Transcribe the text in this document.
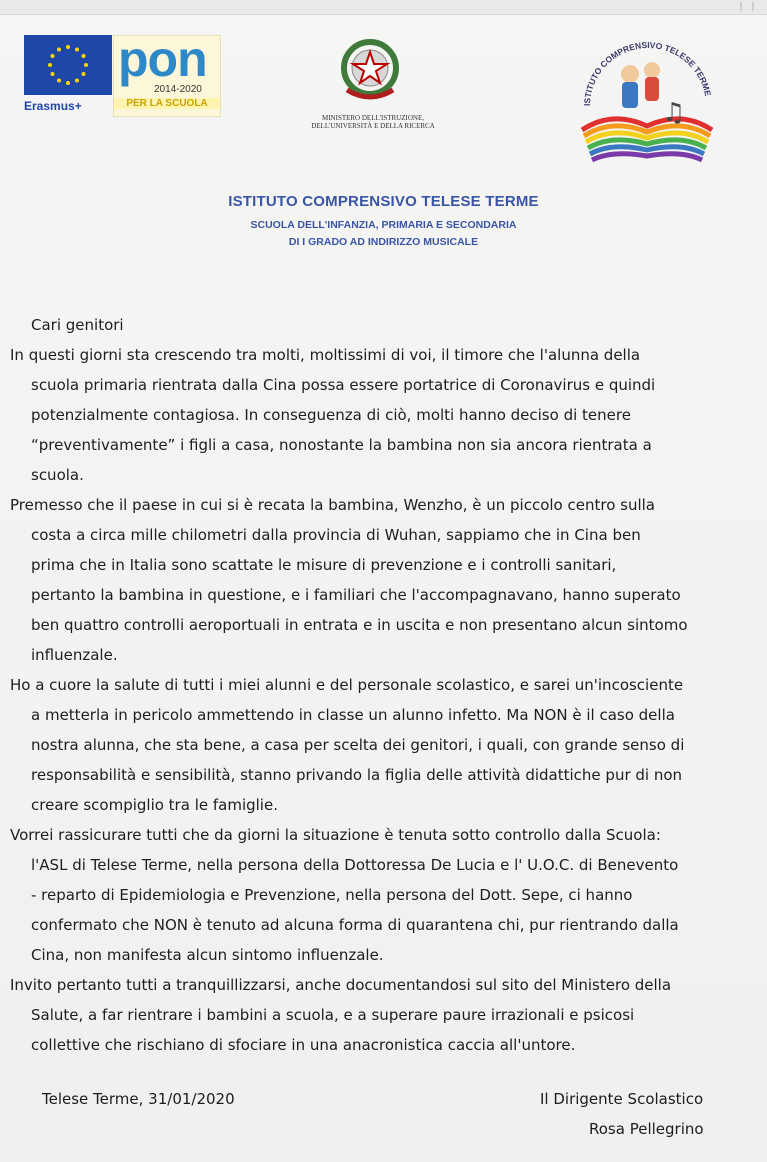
Erasmus+
pon
2014-2020
PER LA SCUOLA
MINISTERO DELL'ISTRUZIONE,
DELL'UNIVERSITÀ E DELLA RICERCA
ISTITUTO COMPRENSIVO TELESE TERME
♫
ISTITUTO COMPRENSIVO TELESE TERME
SCUOLA DELL'INFANZIA, PRIMARIA E SECONDARIA
DI I GRADO AD INDIRIZZO MUSICALE
Cari genitori
In questi giorni sta crescendo tra molti, moltissimi di voi, il timore che l'alunna della
scuola primaria rientrata dalla Cina possa essere portatrice di Coronavirus e quindi
potenzialmente contagiosa. In conseguenza di ciò, molti hanno deciso di tenere
“preventivamente” i figli a casa, nonostante la bambina non sia ancora rientrata a
scuola.
Premesso che il paese in cui si è recata la bambina, Wenzho, è un piccolo centro sulla
costa a circa mille chilometri dalla provincia di Wuhan, sappiamo che in Cina ben
prima che in Italia sono scattate le misure di prevenzione e i controlli sanitari,
pertanto la bambina in questione, e i familiari che l'accompagnavano, hanno superato
ben quattro controlli aeroportuali in entrata e in uscita e non presentano alcun sintomo
influenzale.
Ho a cuore la salute di tutti i miei alunni e del personale scolastico, e sarei un'incosciente
a metterla in pericolo ammettendo in classe un alunno infetto. Ma NON è il caso della
nostra alunna, che sta bene, a casa per scelta dei genitori, i quali, con grande senso di
responsabilità e sensibilità, stanno privando la figlia delle attività didattiche pur di non
creare scompiglio tra le famiglie.
Vorrei rassicurare tutti che da giorni la situazione è tenuta sotto controllo dalla Scuola:
l'ASL di Telese Terme, nella persona della Dottoressa De Lucia e l' U.O.C. di Benevento
- reparto di Epidemiologia e Prevenzione, nella persona del Dott. Sepe, ci hanno
confermato che NON è tenuto ad alcuna forma di quarantena chi, pur rientrando dalla
Cina, non manifesta alcun sintomo influenzale.
Invito pertanto tutti a tranquillizzarsi, anche documentandosi sul sito del Ministero della
Salute, a far rientrare i bambini a scuola, e a superare paure irrazionali e psicosi
collettive che rischiano di sfociare in una anacronistica caccia all'untore.
Telese Terme, 31/01/2020	Il Dirigente Scolastico
Rosa Pellegrino
